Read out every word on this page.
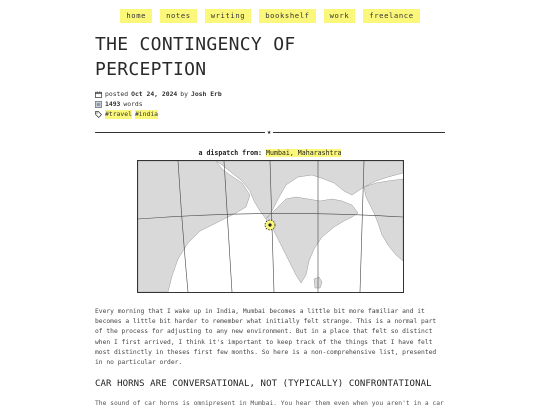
home	notes	writing	bookshelf	work	freelance
THE CONTINGENCY OF
PERCEPTION
posted Oct 24, 2024 by Josh Erb
1493 words
#travel #india
★
a dispatch from: Mumbai, Maharashtra

Every morning that I wake up in India, Mumbai becomes a little bit more familiar and it becomes a little bit harder to remember what initially felt strange. This is a normal part of the process for adjusting to any new environment. But in a place that felt so distinct when I first arrived, I think it's important to keep track of the things that I have felt most distinctly in theses first few months. So here is a non-comprehensive list, presented in no particular order.

CAR HORNS ARE CONVERSATIONAL, NOT (TYPICALLY) CONFRONTATIONAL

The sound of car horns is omnipresent in Mumbai. You hear them even when you aren't in a car
